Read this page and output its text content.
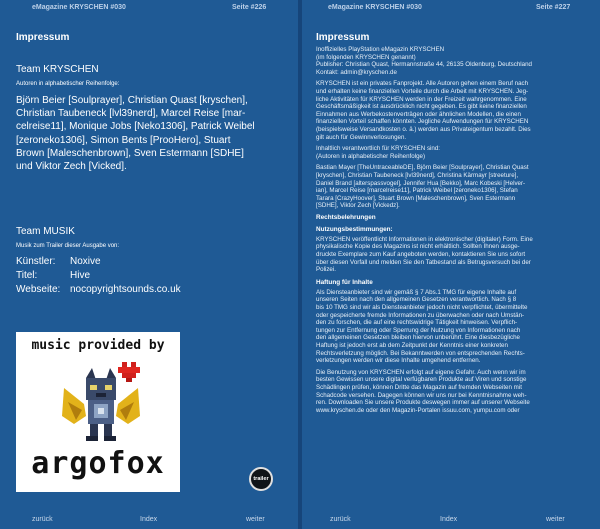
eMagazine KRYSCHEN #030	Seite #226	eMagazine KRYSCHEN #030	Seite #227

Impressum

Team KRYSCHEN

Autoren in alphabetischer Reihenfolge:

Björn Beier [Soulprayer], Christian Quast [kryschen],

Christian Taubeneck [lvl39nerd], Marcel Reise [mar-

celreise11], Monique Jobs [Neko1306], Patrick Weibel

[zeroneko1306], Simon Bents [ProoHero], Stuart

Brown [Maleschenbrown], Sven Estermann [SDHE]

und Viktor Zech [Vicked].

Team MUSIK

Musik zum Trailer dieser Ausgabe von:

Künstler:	Noxive
Titel:	Hive
Webseite: nocopyrightsounds.co.uk
music provided by
argofox	trailer

Impressum

Inoffizielles PlayStation eMagazin KRYSCHEN

(im folgenden KRYSCHEN genannt)

Publisher: Christian Quast, Hermannstraße 44, 26135 Oldenburg, Deutschland

Kontakt: admin@kryschen.de

KRYSCHEN ist ein privates Fanprojekt. Alle Autoren gehen einem Beruf nach

und erhalten keine finanziellen Vorteile durch die Arbeit mit KRYSCHEN. Jeg-

liche Aktivitäten für KRYSCHEN werden in der Freizeit wahrgenommen. Eine

Geschäftsmäßigkeit ist ausdrücklich nicht gegeben. Es gibt keine finanziellen

Einnahmen aus Werbekostenverträgen oder ähnlichen Modellen, die einen

finanziellen Vorteil schaffen könnten. Jegliche Aufwendungen für KRYSCHEN

(beispielsweise Versandkosten o. ä.) werden aus Privateigentum bezahlt. Dies

gilt auch für Gewinnverlosungen.

Inhaltlich verantwortlich für KRYSCHEN sind:

(Autoren in alphabetischer Reihenfolge)

Bastian Mayer [TheUntraceableDE], Björn Beier [Soulprayer], Christian Quast

[kryschen], Christian Taubeneck [lvl39nerd], Christina Kärmayr [streeture],

Daniel Brand [alterspassvogel], Jennifer Hua [Bekko], Marc Kobeski [Helver-

ian], Marcel Reise [marcelreise11], Patrick Weibel [zeroneko1306], Stefan

Tarara [CrazyHoover], Stuart Brown [Maleschenbrown], Sven Estermann

[SDHE], Viktor Zech [Vickedz].

Rechtsbelehrungen

Nutzungsbestimmungen:

KRYSCHEN veröffentlicht Informationen in elektronischer (digitaler) Form. Eine

physikalische Kopie des Magazins ist nicht erhältlich. Sollten Ihnen ausge-

druckte Exemplare zum Kauf angeboten werden, kontaktieren Sie uns sofort

über diesen Vorfall und melden Sie den Tatbestand als Betrugsversuch bei der

Polizei.

Haftung für Inhalte

Als Diensteanbieter sind wir gemäß § 7 Abs.1 TMG für eigene Inhalte auf

unseren Seiten nach den allgemeinen Gesetzen verantwortlich. Nach § 8

bis 10 TMG sind wir als Diensteanbieter jedoch nicht verpflichtet, übermittelte

oder gespeicherte fremde Informationen zu überwachen oder nach Umstän-

den zu forschen, die auf eine rechtswidrige Tätigkeit hinweisen. Verpflich-

tungen zur Entfernung oder Sperrung der Nutzung von Informationen nach

den allgemeinen Gesetzen bleiben hiervon unberührt. Eine diesbezügliche

Haftung ist jedoch erst ab dem Zeitpunkt der Kenntnis einer konkreten

Rechtsverletzung möglich. Bei Bekanntwerden von entsprechenden Rechts-

verletzungen werden wir diese Inhalte umgehend entfernen.

Die Benutzung von KRYSCHEN erfolgt auf eigene Gefahr. Auch wenn wir im

besten Gewissen unsere digital verfügbaren Produkte auf Viren und sonstige

Schädlingen prüfen, können Dritte das Magazin auf fremden Webseiten mit

Schadcode versehen. Dagegen können wir uns nur bei Kenntnisnahme weh-

ren. Downloaden Sie unsere Produkte deswegen immer auf unserer Webseite

www.kryschen.de oder den Magazin-Portalen issuu.com, yumpu.com oder

zurück	Index	weiter	zurück	Index	weiter
